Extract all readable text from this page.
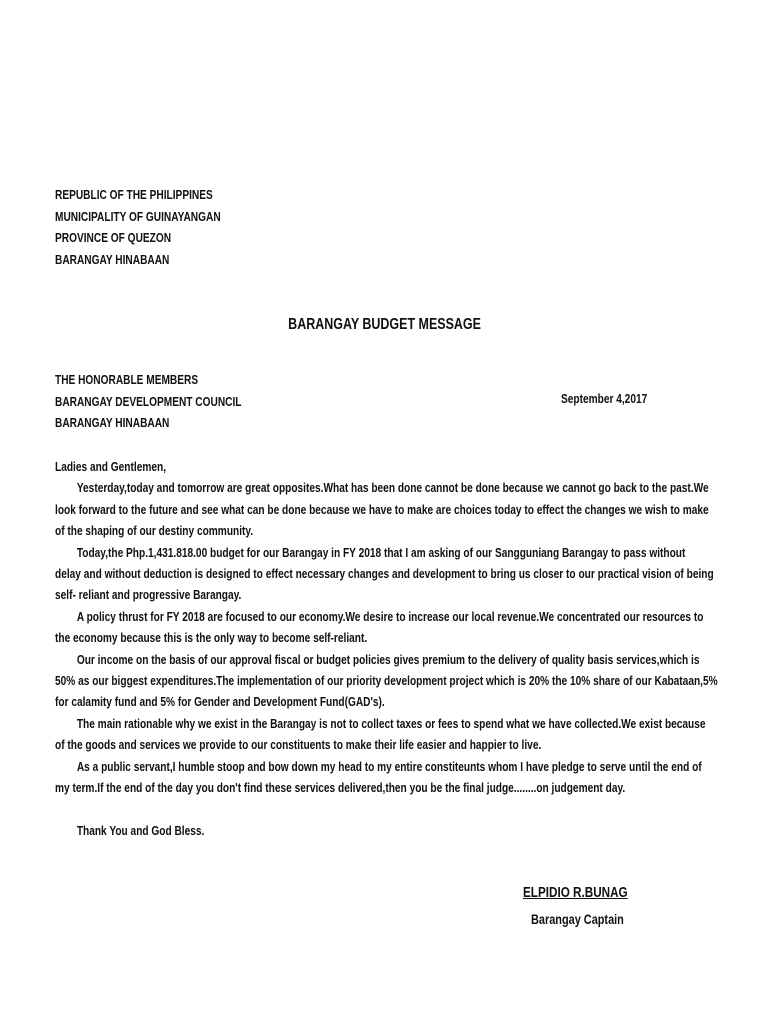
REPUBLIC OF THE PHILIPPINES
MUNICIPALITY OF GUINAYANGAN
PROVINCE OF QUEZON
BARANGAY HINABAAN
BARANGAY BUDGET MESSAGE
THE HONORABLE MEMBERS
BARANGAY DEVELOPMENT COUNCIL
BARANGAY HINABAAN
September 4,2017
Ladies and Gentlemen,
Yesterday,today and tomorrow are great opposites.What has been done cannot be done because we cannot go back to the past.We
look forward to the future and see what can be done because we have to make are choices today to effect the changes we wish to make
of the shaping of our destiny community.
Today,the Php.1,431.818.00 budget for our Barangay in FY 2018 that I am asking of our Sangguniang Barangay to pass without
delay and without deduction is designed to effect necessary changes and development to bring us closer to our practical vision of being
self- reliant and progressive Barangay.
A policy thrust for FY 2018 are focused to our economy.We desire to increase our local revenue.We concentrated our resources to
the economy because this is the only way to become self-reliant.
Our income on the basis of our approval fiscal or budget policies gives premium to the delivery of quality basis services,which is
50% as our biggest expenditures.The implementation of our priority development project which is 20% the 10% share of our Kabataan,5%
for calamity fund and 5% for Gender and Development Fund(GAD's).
The main rationable why we exist in the Barangay is not to collect taxes or fees to spend what we have collected.We exist because
of the goods and services we provide to our constituents to make their life easier and happier to live.
As a public servant,I humble stoop and bow down my head to my entire constiteunts whom I have pledge to serve until the end of
my term.If the end of the day you don't find these services delivered,then you be the final judge........on judgement day.
Thank You and God Bless.
ELPIDIO R.BUNAG
Barangay Captain
